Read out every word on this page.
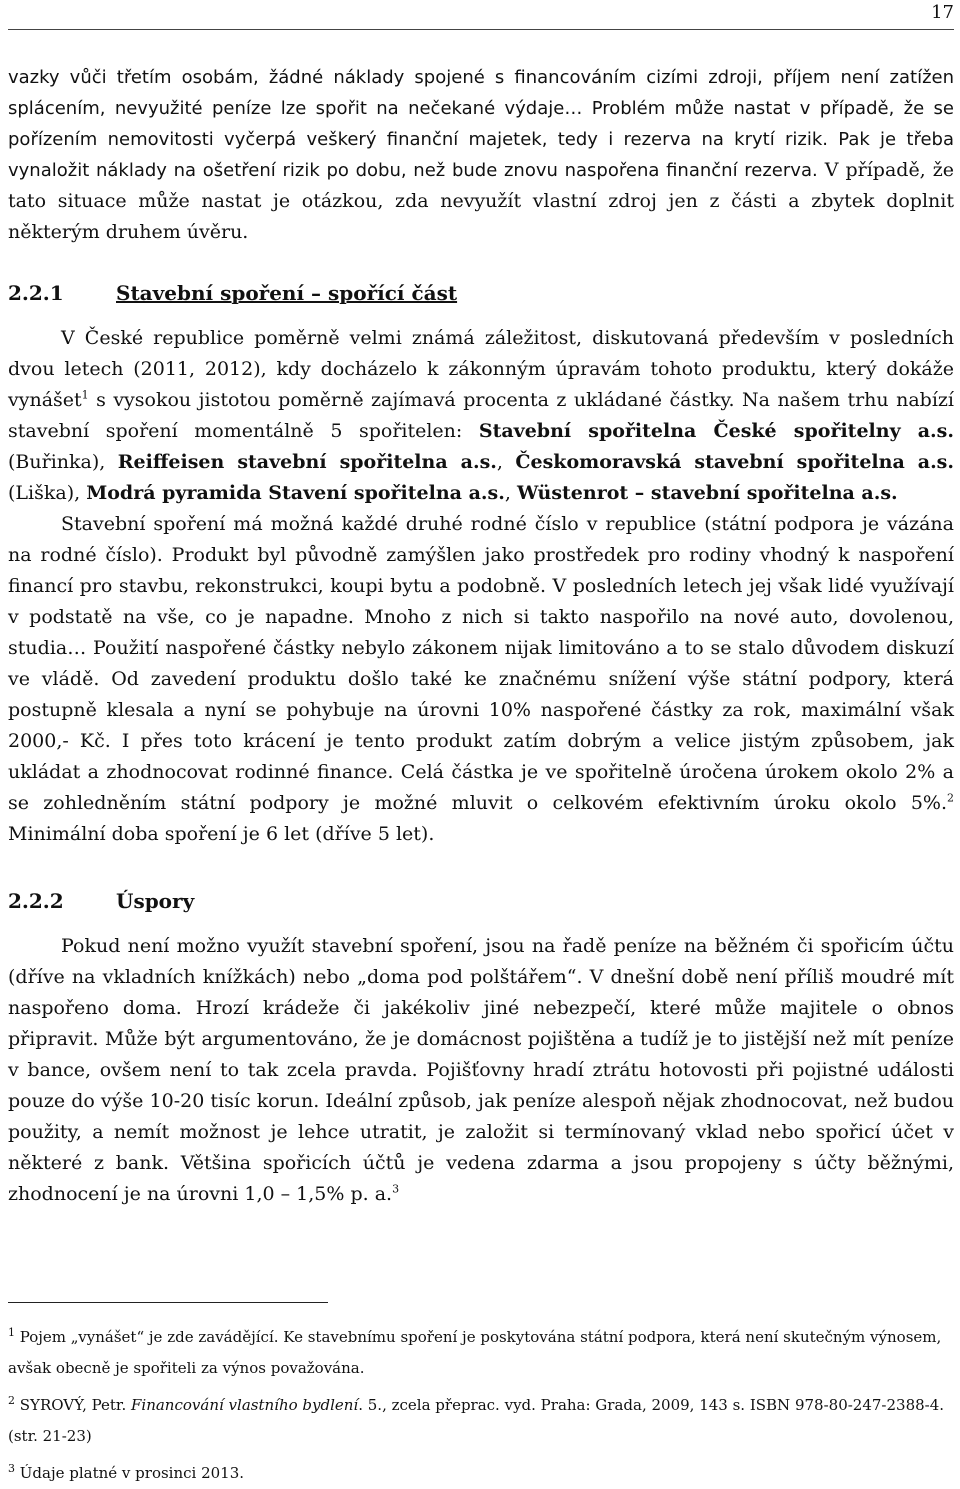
17

vazky vůči třetím osobám, žádné náklady spojené s financováním cizími zdroji, příjem není zatížen splácením, nevyužité peníze lze spořit na nečekané výdaje… Problém může nastat v případě, že se pořízením nemovitosti vyčerpá veškerý finanční majetek, tedy i rezerva na krytí rizik. Pak je třeba vynaložit náklady na ošetření rizik po dobu, než bude znovu naspořena finanční rezerva. V případě, že tato situace může nastat je otázkou, zda nevyužít vlastní zdroj jen z části a zbytek doplnit některým druhem úvěru.

2.2.1	Stavební spoření – spořící část

V České republice poměrně velmi známá záležitost, diskutovaná především v posledních dvou letech (2011, 2012), kdy docházelo k zákonným úpravám tohoto produktu, který dokáže vynášet$^1$ s vysokou jistotou poměrně zajímavá procenta z ukládané částky. Na našem trhu nabízí stavební spoření momentálně 5 spořitelen: Stavební spořitelna České spořitelny a.s. (Buřinka), Reiffeisen stavební spořitelna a.s., Českomoravská stavební spořitelna a.s. (Liška), Modrá pyramida Stavení spořitelna a.s., Wüstenrot – stavební spořitelna a.s.

Stavební spoření má možná každé druhé rodné číslo v republice (státní podpora je vázána na rodné číslo). Produkt byl původně zamýšlen jako prostředek pro rodiny vhodný k naspoření financí pro stavbu, rekonstrukci, koupi bytu a podobně. V posledních letech jej však lidé využívají v podstatě na vše, co je napadne. Mnoho z nich si takto naspořilo na nové auto, dovolenou, studia… Použití naspořené částky nebylo zákonem nijak limitováno a to se stalo důvodem diskuzí ve vládě. Od zavedení produktu došlo také ke značnému snížení výše státní podpory, která postupně klesala a nyní se pohybuje na úrovni 10% naspořené částky za rok, maximální však 2000,- Kč. I přes toto krácení je tento produkt zatím dobrým a velice jistým způsobem, jak ukládat a zhodnocovat rodinné finance. Celá částka je ve spořitelně úročena úrokem okolo 2% a se zohledněním státní podpory je možné mluvit o celkovém efektivním úroku okolo 5%.$^2$ Minimální doba spoření je 6 let (dříve 5 let).

2.2.2	Úspory

Pokud není možno využít stavební spoření, jsou na řadě peníze na běžném či spořicím účtu (dříve na vkladních knížkách) nebo „doma pod polštářem“. V dnešní době není příliš moudré mít naspořeno doma. Hrozí krádeže či jakékoliv jiné nebezpečí, které může majitele o obnos připravit. Může být argumentováno, že je domácnost pojištěna a tudíž je to jistější než mít peníze v bance, ovšem není to tak zcela pravda. Pojišťovny hradí ztrátu hotovosti při pojistné události pouze do výše 10-20 tisíc korun. Ideální způsob, jak peníze alespoň nějak zhodnocovat, než budou použity, a nemít možnost je lehce utratit, je založit si termínovaný vklad nebo spořicí účet v některé z bank. Většina spořicích účtů je vedena zdarma a jsou propojeny s účty běžnými, zhodnocení je na úrovni 1,0 – 1,5% p. a.$^3$

$^1$ Pojem „vynášet“ je zde zavádějící. Ke stavebnímu spoření je poskytována státní podpora, která není skutečným výnosem, avšak obecně je spořiteli za výnos považována.

$^2$ SYROVÝ, Petr. Financování vlastního bydlení. 5., zcela přeprac. vyd. Praha: Grada, 2009, 143 s. ISBN 978-80-247-2388-4.(str. 21-23)

$^3$ Údaje platné v prosinci 2013.
